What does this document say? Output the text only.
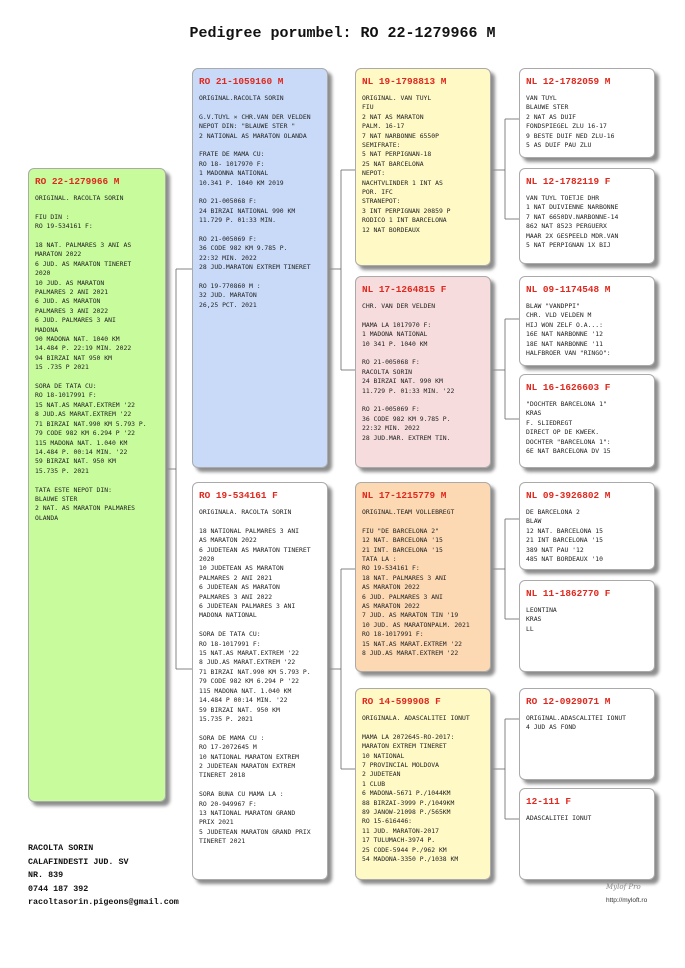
Pedigree porumbel: RO 22-1279966 M
RO 22-1279966 M
ORIGINAL. RACOLTA SORIN
FIU DIN :
RO 19-534161 F:
18 NAT. PALMARES 3 ANI AS
MARATON 2022
6 JUD. AS MARATON TINERET
2020
10 JUD. AS MARATON
PALMARES 2 ANI 2021
6 JUD. AS MARATON
PALMARES 3 ANI 2022
6 JUD. PALMARES 3 ANI
MADONA
90 MADONA NAT. 1040 KM
14.484 P. 22:19 MIN. 2022
94 BIRZAI NAT 950 KM
15 .735 P 2021
SORA DE TATA CU:
RO 18-1017991 F:
15 NAT.AS MARAT.EXTREM '22
8 JUD.AS MARAT.EXTREM '22
71 BIRZAI NAT.990 KM 5.793 P.
79 CODE 982 KM 6.294 P '22
115 MADONA NAT. 1.040 KM
14.484 P. 00:14 MIN. '22
59 BIRZAI NAT. 950 KM
15.735 P. 2021
TATA ESTE NEPOT DIN:
BLAUWE STER
2 NAT. AS MARATON PALMARES
OLANDA
RO 21-1059160 M
ORIGINAL.RACOLTA SORIN
G.V.TUYL × CHR.VAN DER VELDEN
NEPOT DIN: "BLAUWE STER "
2 NATIONAL AS MARATON OLANDA
FRATE DE MAMA CU:
RO 18- 1017970 F:
1 MADONNA NATIONAL
10.341 P. 1040 KM 2019
RO 21-005068 F:
24 BIRZAI NATIONAL 990 KM
11.729 P. 01:33 MIN.
RO 21-005069 F:
36 CODE 982 KM 9.785 P.
22:32 MIN. 2022
28 JUD.MARATON EXTREM TINERET
RO 19-770860 M :
32 JUD. MARATON
26,25 PCT. 2021
RO 19-534161 F
ORIGINALA. RACOLTA SORIN
18 NATIONAL PALMARES 3 ANI
AS MARATON 2022
6 JUDETEAN AS MARATON TINERET
2020
10 JUDETEAN AS MARATON
PALMARES 2 ANI 2021
6 JUDETEAN AS MARATON
PALMARES 3 ANI 2022
6 JUDETEAN PALMARES 3 ANI
MADONA NATIONAL
SORA DE TATA CU:
RO 18-1017991 F:
15 NAT.AS MARAT.EXTREM '22
8 JUD.AS MARAT.EXTREM '22
71 BIRZAI NAT.990 KM 5.793 P.
79 CODE 982 KM 6.294 P '22
115 MADONA NAT. 1.040 KM
14.484 P 00:14 MIN. '22
59 BIRZAI NAT. 950 KM
15.735 P. 2021
SORA DE MAMA CU :
RO 17-2072645 M
10 NATIONAL MARATON EXTREM
2 JUDETEAN MARATON EXTREM
TINERET 2018
SORA BUNA CU MAMA LA :
RO 20-949967 F:
13 NATIONAL MARATON GRAND
PRIX 2021
5 JUDETEAN MARATON GRAND PRIX
TINERET 2021
NL 19-1798813 M
ORIGINAL. VAN TUYL
FIU
2 NAT AS MARATON
PALM. 16-17
7 NAT NARBONNE 6550P
SEMIFRATE:
5 NAT PERPIGNAN-18
25 NAT BARCELONA
NEPOT:
NACHTVLINDER 1 INT AS
POR. IFC
STRANEPOT:
3 INT PERPIGNAN 20859 P
RODICO 1 INT BARCELONA
12 NAT BORDEAUX
NL 17-1264815 F
CHR. VAN DER VELDEN
MAMA LA 1017970 F:
1 MADONA NATIONAL
10 341 P. 1040 KM
RO 21-005068 F:
RACOLTA SORIN
24 BIRZAI NAT. 990 KM
11.729 P. 01:33 MIN. '22
RO 21-005069 F:
36 CODE 982 KM 9.785 P.
22:32 MIN. 2022
28 JUD.MAR. EXTREM TIN.
NL 17-1215779 M
ORIGINAL.TEAM VOLLEBREGT
FIU "DE BARCELONA 2"
12 NAT. BARCELONA '15
21 INT. BARCELONA '15
TATA LA :
RO 19-534161 F:
18 NAT. PALMARES 3 ANI
AS MARATON 2022
6 JUD. PALMARES 3 ANI
AS MARATON 2022
7 JUD. AS MARATON TIN '19
10 JUD. AS MARATONPALM. 2021
RO 18-1017991 F:
15 NAT.AS MARAT.EXTREM '22
8 JUD.AS MARAT.EXTREM '22
RO 14-599908 F
ORIGINALA. ADASCALITEI IONUT
MAMA LA 2072645-RO-2017:
MARATON EXTREM TINERET
10 NATIONAL
7 PROVINCIAL MOLDOVA
2 JUDETEAN
1 CLUB
6 MADONA-5671 P./1044KM
88 BIRZAI-3999 P./1049KM
89 JANOW-21098 P./565KM
RO 15-616446:
11 JUD. MARATON-2017
17 TULUMACH-3974 P.
25 CODE-5944 P./962 KM
54 MADONA-3350 P./1038 KM
NL 12-1782059 M
VAN TUYL
BLAUWE STER
2 NAT AS DUIF
FONDSPIEGEL ZLU 16-17
9 BESTE DUIF NED ZLU-16
5 AS DUIF PAU ZLU
NL 12-1782119 F
VAN TUYL TOETJE DHR
1 NAT DUIVIENNE NARBONNE
7 NAT 6650DV.NARBONNE-14
862 NAT 8523 PERGUERX
MAAR 2X GESPEELD MDR.VAN
5 NAT PERPIGNAN 1X BIJ
NL 09-1174548 M
BLAW "VANDPPI"
CHR. VLD VELDEN M
HIJ WON ZELF O.A...:
16E NAT NARBONNE '12
18E NAT NARBONNE '11
HALFBROER VAN "RINGO":
NL 16-1626603 F
"DOCHTER BARCELONA 1"
KRAS
F. SLIEDREGT
DIRECT OP DE KWEEK.
DOCHTER "BARCELONA 1":
6E NAT BARCELONA DV 15
NL 09-3926802 M
DE BARCELONA 2
BLAW
12 NAT. BARCELONA 15
21 INT BARCELONA '15
389 NAT PAU '12
485 NAT BORDEAUX '10
NL 11-1862770 F
LEONTINA
KRAS
LL
RO 12-0929071 M
ORIGINAL.ADASCALITEI IONUT
4 JUD AS FOND
12-111 F
ADASCALITEI IONUT
RACOLTA SORIN
CALAFINDESTI JUD. SV
NR. 839
0744 187 392
racoltasorin.pigeons@gmail.com
Mylof Pro
http://myloft.ro
